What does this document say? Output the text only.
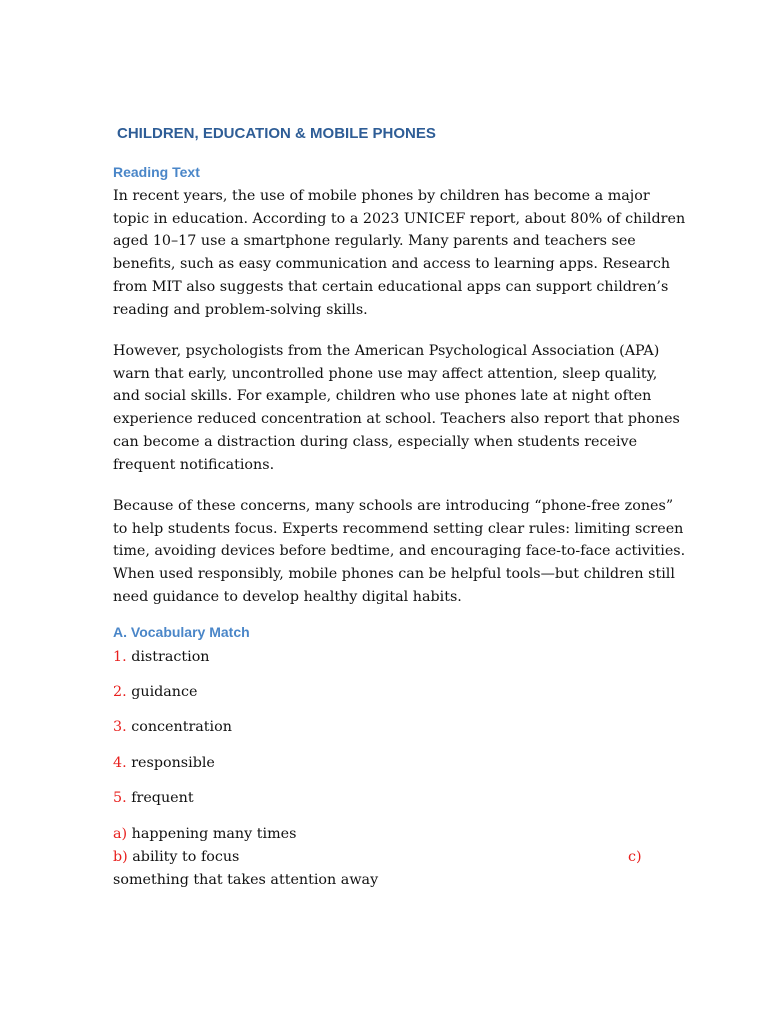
CHILDREN, EDUCATION & MOBILE PHONES
Reading Text
In recent years, the use of mobile phones by children has become a major
topic in education. According to a 2023 UNICEF report, about 80% of children
aged 10–17 use a smartphone regularly. Many parents and teachers see
benefits, such as easy communication and access to learning apps. Research
from MIT also suggests that certain educational apps can support children’s
reading and problem-solving skills.
However, psychologists from the American Psychological Association (APA)
warn that early, uncontrolled phone use may affect attention, sleep quality,
and social skills. For example, children who use phones late at night often
experience reduced concentration at school. Teachers also report that phones
can become a distraction during class, especially when students receive
frequent notifications.
Because of these concerns, many schools are introducing “phone-free zones”
to help students focus. Experts recommend setting clear rules: limiting screen
time, avoiding devices before bedtime, and encouraging face-to-face activities.
When used responsibly, mobile phones can be helpful tools—but children still
need guidance to develop healthy digital habits.
A. Vocabulary Match
1. distraction
2. guidance
3. concentration
4. responsible
5. frequent
a) happening many times
b) ability to focus	c)
something that takes attention away
